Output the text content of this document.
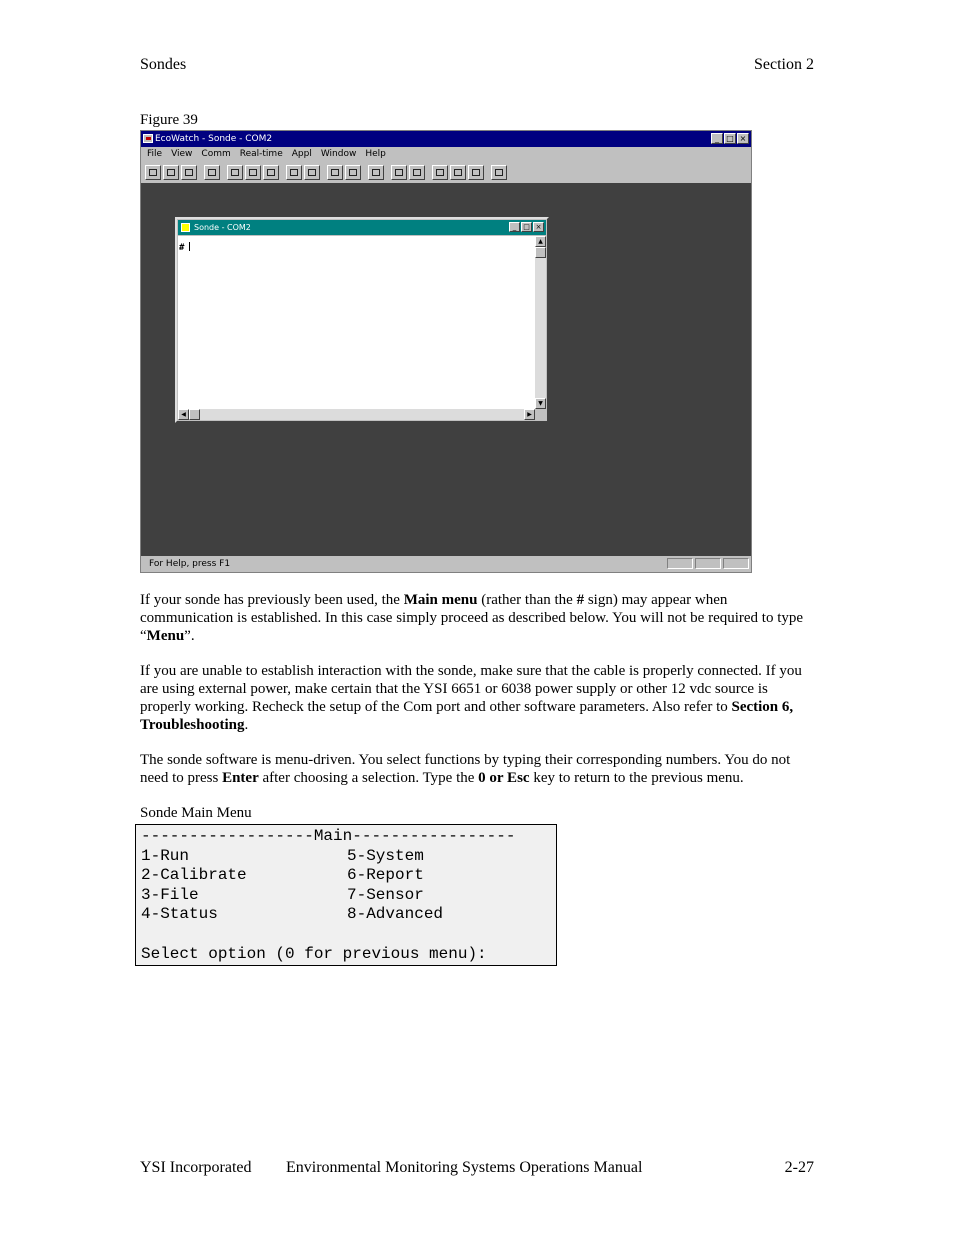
Sondes	Section 2
Figure 39
EcoWatch - Sonde - COM2	_ □ ×
File View Comm Real-time Appl Window Help
Sonde - COM2	_ □ ×
#
▲
▼
◀	▶
For Help, press F1
If your sonde has previously been used, the Main menu (rather than the # sign) may appear when communication is established. In this case simply proceed as described below. You will not be required to type “Menu”.
If you are unable to establish interaction with the sonde, make sure that the cable is properly connected. If you are using external power, make certain that the YSI 6651 or 6038 power supply or other 12 vdc source is properly working. Recheck the setup of the Com port and other software parameters. Also refer to Section 6, Troubleshooting.
The sonde software is menu-driven. You select functions by typing their corresponding numbers. You do not need to press Enter after choosing a selection. Type the 0 or Esc key to return to the previous menu.
Sonde Main Menu
------------------Main-----------------
1-Run	5-System
2-Calibrate	6-Report
3-File	7-Sensor
4-Status	8-Advanced
Select option (0 for previous menu):
YSI Incorporated Environmental Monitoring Systems Operations Manual	2-27
